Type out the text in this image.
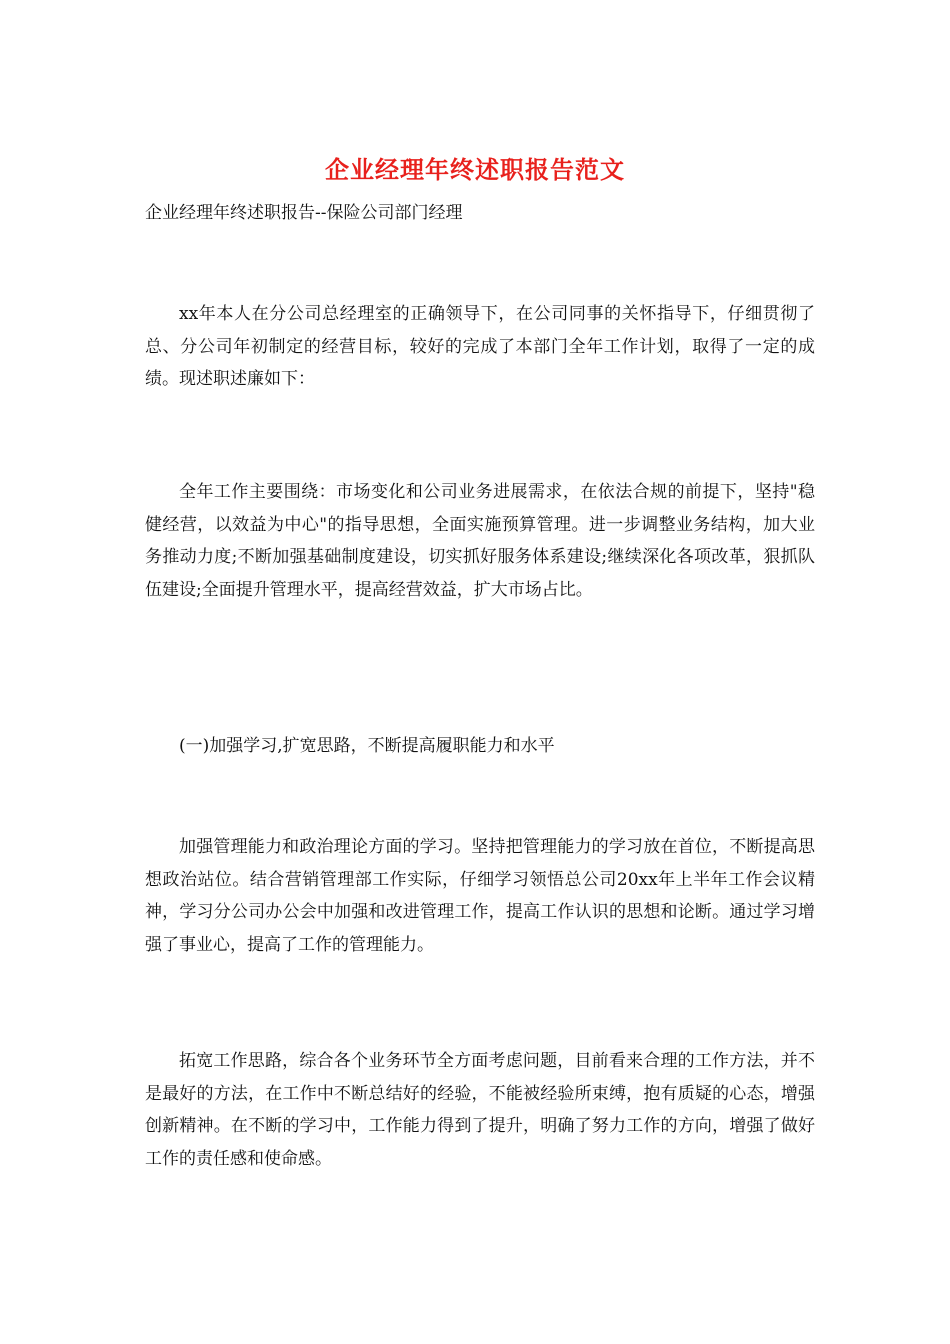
企业经理年终述职报告范文

企业经理年终述职报告--保险公司部门经理

xx年本人在分公司总经理室的正确领导下，在公司同事的关怀指导下，仔细贯彻了总、分公司年初制定的经营目标，较好的完成了本部门全年工作计划，取得了一定的成绩。现述职述廉如下：

全年工作主要围绕：市场变化和公司业务进展需求，在依法合规的前提下，坚持"稳健经营，以效益为中心"的指导思想，全面实施预算管理。进一步调整业务结构，加大业务推动力度;不断加强基础制度建设，切实抓好服务体系建设;继续深化各项改革，狠抓队伍建设;全面提升管理水平，提高经营效益，扩大市场占比。

(一)加强学习,扩宽思路，不断提高履职能力和水平

加强管理能力和政治理论方面的学习。坚持把管理能力的学习放在首位，不断提高思想政治站位。结合营销管理部工作实际，仔细学习领悟总公司20xx年上半年工作会议精神，学习分公司办公会中加强和改进管理工作，提高工作认识的思想和论断。通过学习增强了事业心，提高了工作的管理能力。

拓宽工作思路，综合各个业务环节全方面考虑问题，目前看来合理的工作方法，并不是最好的方法，在工作中不断总结好的经验，不能被经验所束缚，抱有质疑的心态，增强创新精神。在不断的学习中，工作能力得到了提升，明确了努力工作的方向，增强了做好工作的责任感和使命感。
